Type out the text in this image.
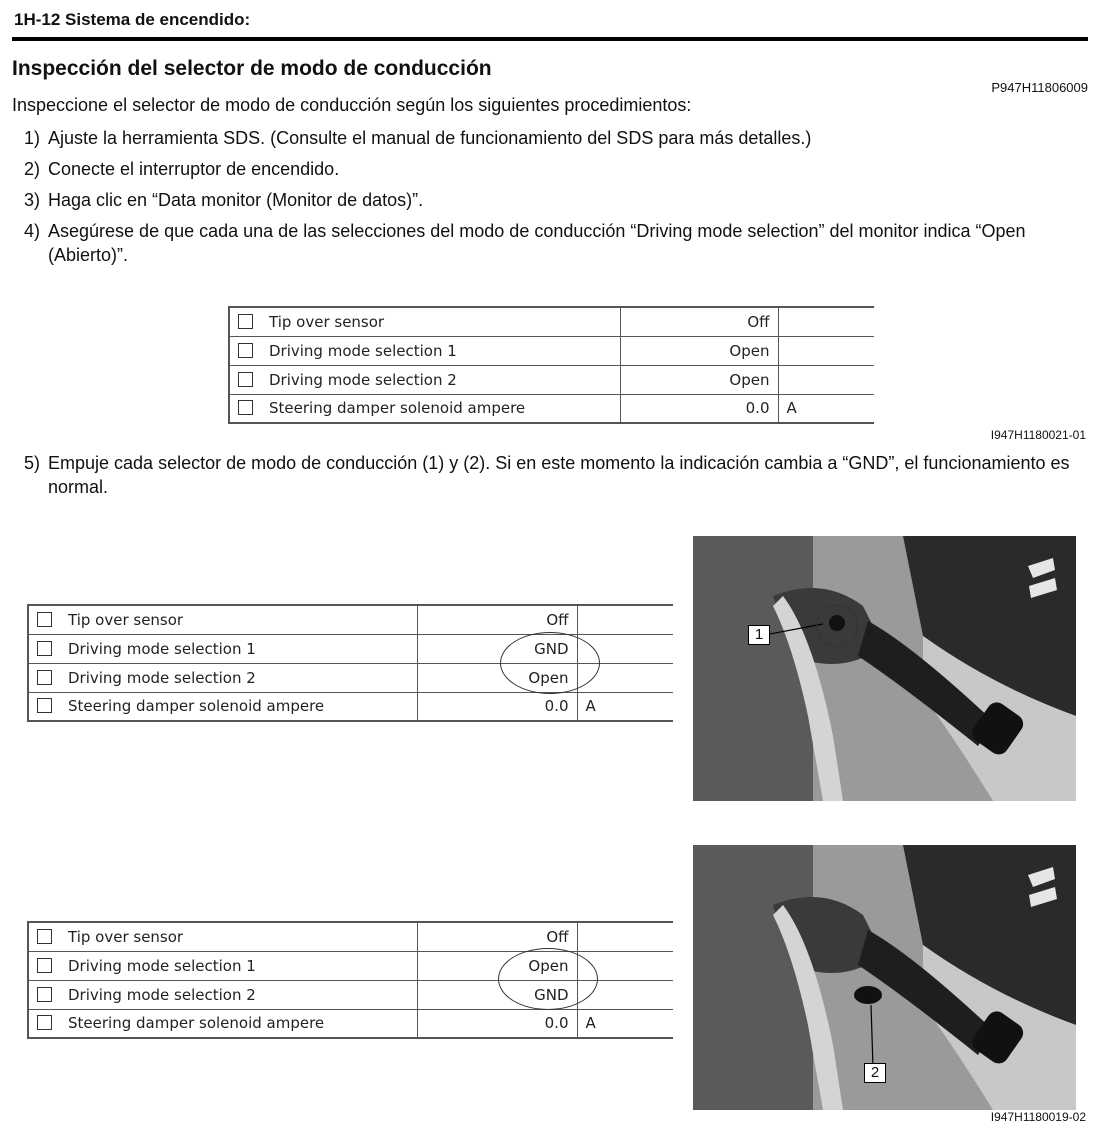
1H-12 Sistema de encendido:
Inspección del selector de modo de conducción
P947H11806009
Inspeccione el selector de modo de conducción según los siguientes procedimientos:
1) Ajuste la herramienta SDS. (Consulte el manual de funcionamiento del SDS para más detalles.)
2) Conecte el interruptor de encendido.
3) Haga clic en “Data monitor (Monitor de datos)”.
4) Asegúrese de que cada una de las selecciones del modo de conducción “Driving mode selection” del monitor indica “Open (Abierto)”.
Tip over sensor	Off	
Driving mode selection 1	Open	
Driving mode selection 2	Open	
Steering damper solenoid ampere	0.0	A
I947H1180021-01
5) Empuje cada selector de modo de conducción (1) y (2). Si en este momento la indicación cambia a “GND”, el funcionamiento es normal.
Tip over sensor	Off	
Driving mode selection 1	GND	
Driving mode selection 2	Open	
Steering damper solenoid ampere	0.0	A
1
Tip over sensor	Off	
Driving mode selection 1	Open	
Driving mode selection 2	GND	
Steering damper solenoid ampere	0.0	A
2
I947H1180019-02
